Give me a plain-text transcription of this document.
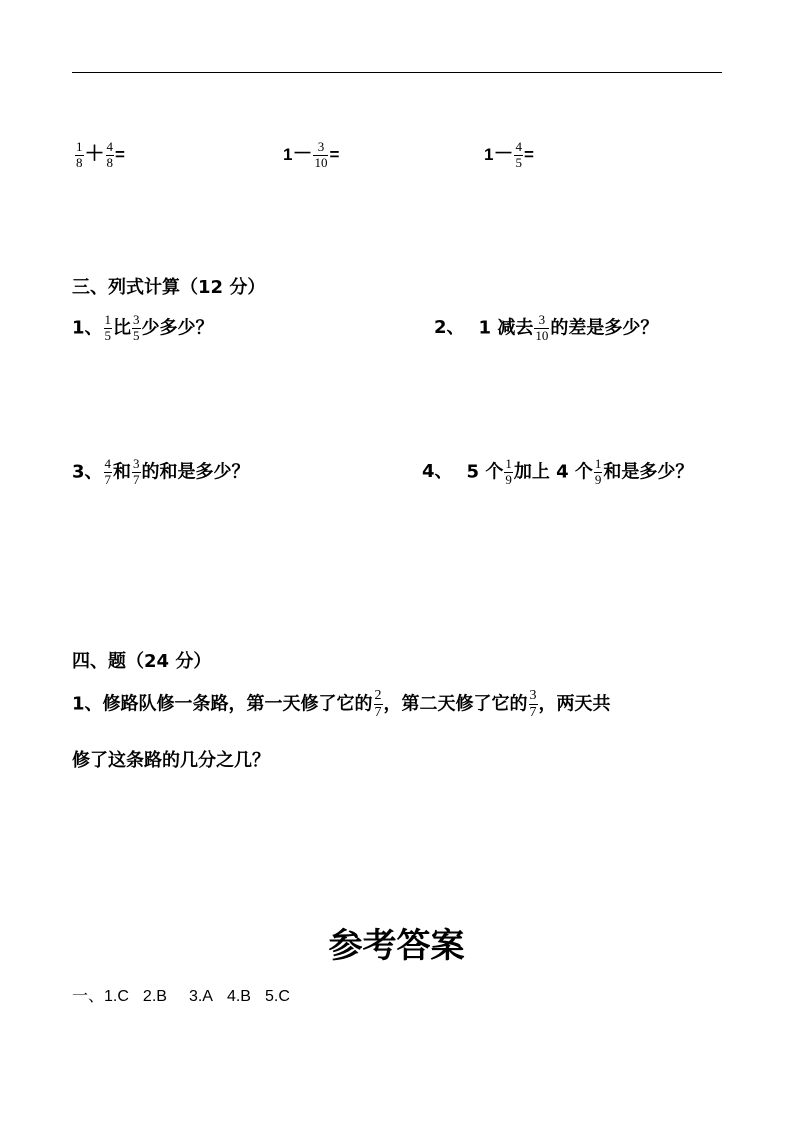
$\frac{1}{8} + \frac{4}{8}$ =	$1- \frac{3}{10}$ =	$1- \frac{4}{5}$ =
三、列式计算（12 分）
1、 $\frac{1}{5}$ 比 $\frac{3}{5}$ 少多少？	2、 1 减去 $\frac{3}{10}$ 的差是多少？
3、 $\frac{4}{7}$ 和 $\frac{3}{7}$ 的和是多少？	4、 5 个 $\frac{1}{9}$ 加上 4 个 $\frac{1}{9}$ 和是多少？
四、题（24 分）
1、修路队修一条路，第一天修了它的 $\frac{2}{7}$ ，第二天修了它的 $\frac{3}{7}$ ，两天共
修了这条路的几分之几？
参考答案
一、1.C 2.B 3.A 4.B 5.C
